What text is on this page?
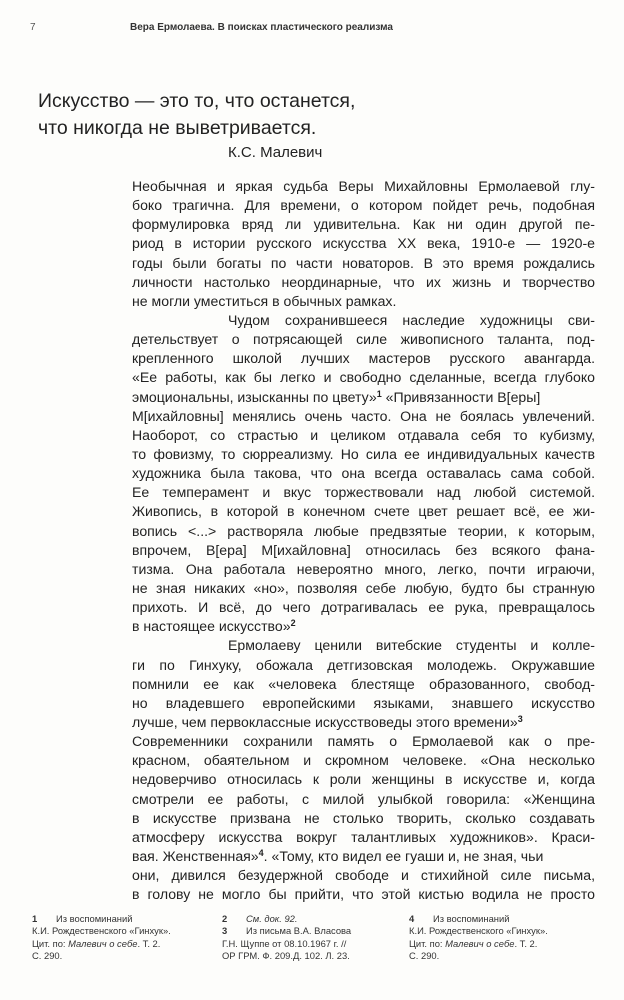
7	Вера Ермолаева. В поисках пластического реализма
Искусство — это то, что останется,
что никогда не выветривается.
К.С. Малевич
Необычная и яркая судьба Веры Михайловны Ермолаевой глу-
боко трагична. Для времени, о котором пойдет речь, подобная
формулировка вряд ли удивительна. Как ни один другой пе-
риод в истории русского искусства XX века, 1910-е — 1920-е
годы были богаты по части новаторов. В это время рождались
личности настолько неординарные, что их жизнь и творчество
не могли уместиться в обычных рамках.
Чудом сохранившееся наследие художницы сви-
детельствует о потрясающей силе живописного таланта, под-
крепленного школой лучших мастеров русского авангарда.
«Ее работы, как бы легко и свободно сделанные, всегда глубоко
эмоциональны, изысканны по цвету»$^1$ «Привязанности В[еры]
М[ихайловны] менялись очень часто. Она не боялась увлечений.
Наоборот, со страстью и целиком отдавала себя то кубизму,
то фовизму, то сюрреализму. Но сила ее индивидуальных качеств
художника была такова, что она всегда оставалась сама собой.
Ее темперамент и вкус торжествовали над любой системой.
Живопись, в которой в конечном счете цвет решает всё, ее жи-
вопись <...> растворяла любые предвзятые теории, к которым,
впрочем, В[ера] М[ихайловна] относилась без всякого фана-
тизма. Она работала невероятно много, легко, почти играючи,
не зная никаких «но», позволяя себе любую, будто бы странную
прихоть. И всё, до чего дотрагивалась ее рука, превращалось
в настоящее искусство»$^2$
Ермолаеву ценили витебские студенты и колле-
ги по Гинхуку, обожала детгизовская молодежь. Окружавшие
помнили ее как «человека блестяще образованного, свобод-
но владевшего европейскими языками, знавшего искусство
лучше, чем первоклассные искусствоведы этого времени»$^3$
Современники сохранили память о Ермолаевой как о пре-
красном, обаятельном и скромном человеке. «Она несколько
недоверчиво относилась к роли женщины в искусстве и, когда
смотрели ее работы, с милой улыбкой говорила: «Женщина
в искусстве призвана не столько творить, сколько создавать
атмосферу искусства вокруг талантливых художников». Краси-
вая. Женственная»$^4$. «Тому, кто видел ее гуаши и, не зная, чьи
они, дивился безудержной свободе и стихийной силе письма,
в голову не могло бы прийти, что этой кистью водила не просто
1 Из воспоминаний
К.И. Рождественского «Гинхук».
Цит. по: Малевич о себе. Т. 2.
С. 290.
2 См. док. 92.
3 Из письма В.А. Власова
Г.Н. Щуппе от 08.10.1967 г. //
ОР ГРМ. Ф. 209.Д. 102. Л. 23.
4 Из воспоминаний
К.И. Рождественского «Гинхук».
Цит. по: Малевич о себе. Т. 2.
С. 290.
